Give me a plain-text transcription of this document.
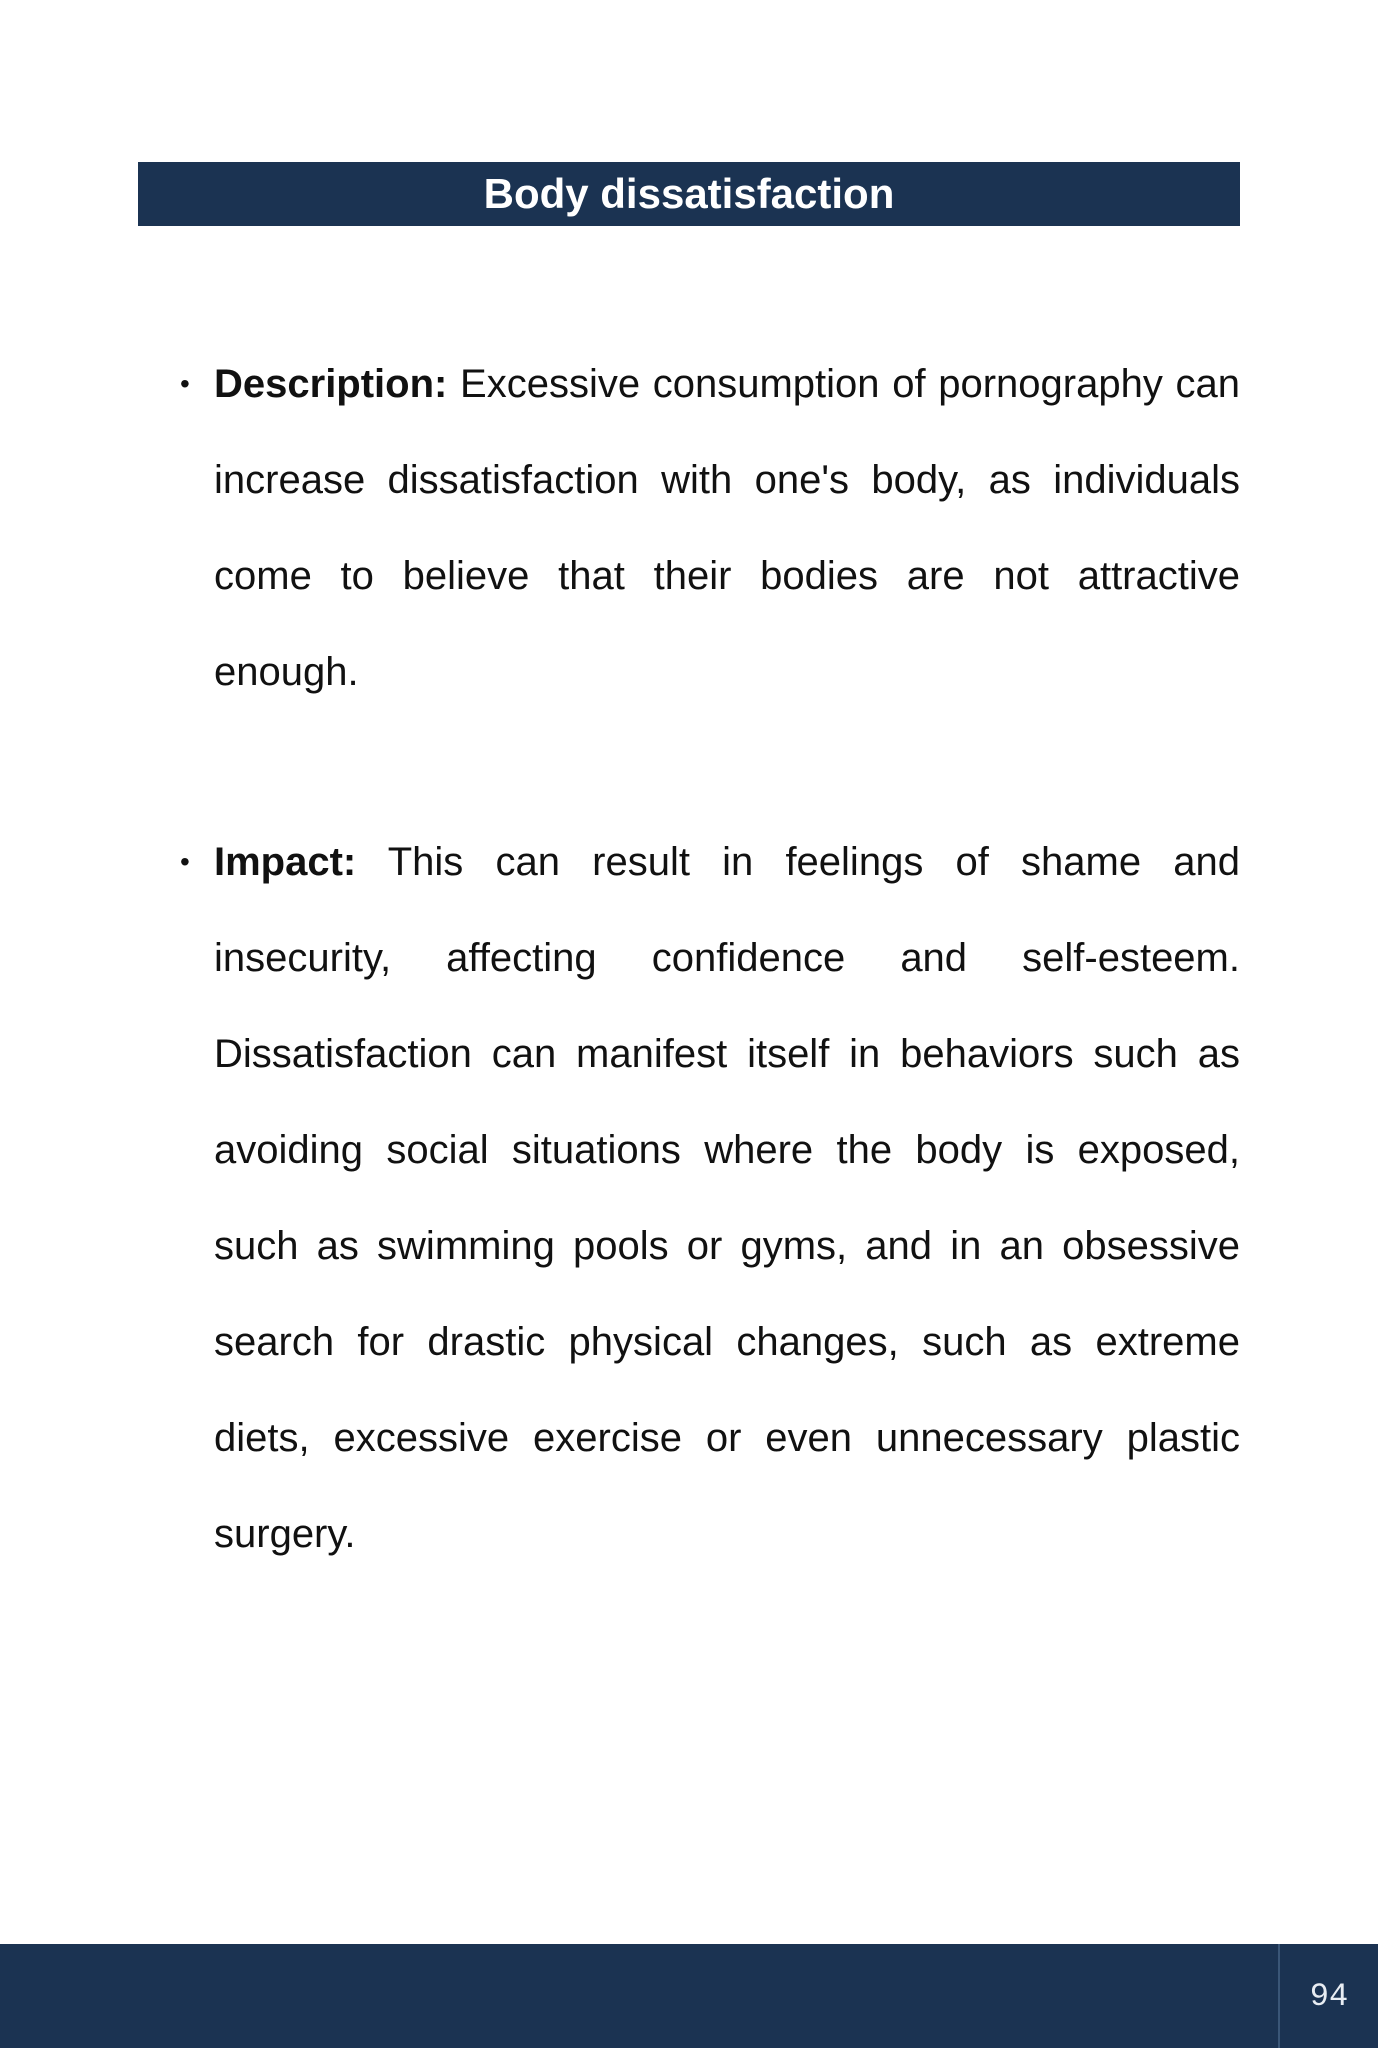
Body dissatisfaction
• Description: Excessive consumption of pornography can increase dissatisfaction with one's body, as individuals come to believe that their bodies are not attractive enough.
• Impact: This can result in feelings of shame and insecurity, affecting confidence and self-esteem. Dissatisfaction can manifest itself in behaviors such as avoiding social situations where the body is exposed, such as swimming pools or gyms, and in an obsessive search for drastic physical changes, such as extreme diets, excessive exercise or even unnecessary plastic surgery.
94
